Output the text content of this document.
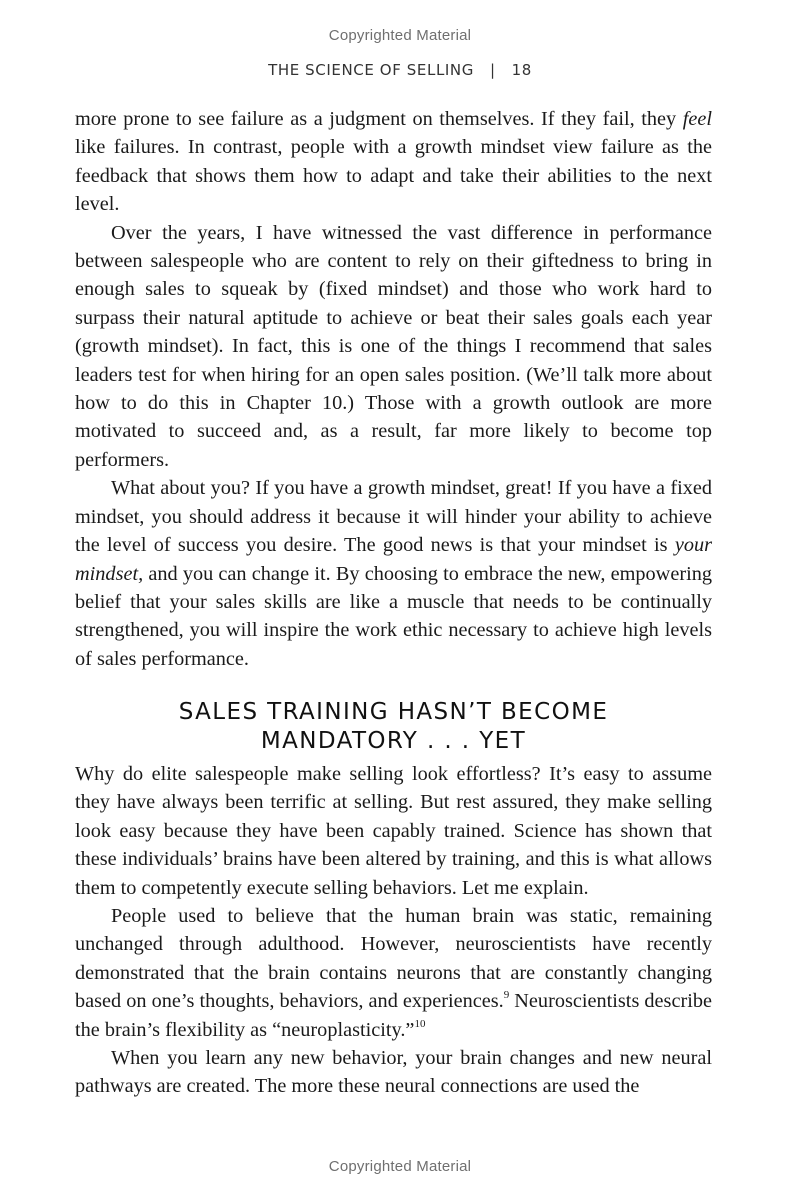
Copyrighted Material
THE SCIENCE OF SELLING | 18

more prone to see failure as a judgment on themselves. If they fail, they feel like failures. In contrast, people with a growth mindset view failure as the feedback that shows them how to adapt and take their abilities to the next level.

Over the years, I have witnessed the vast difference in performance between salespeople who are content to rely on their giftedness to bring in enough sales to squeak by (fixed mindset) and those who work hard to surpass their natural aptitude to achieve or beat their sales goals each year (growth mindset). In fact, this is one of the things I recommend that sales leaders test for when hiring for an open sales position. (We’ll talk more about how to do this in Chapter 10.) Those with a growth outlook are more motivated to succeed and, as a result, far more likely to become top performers.

What about you? If you have a growth mindset, great! If you have a fixed mindset, you should address it because it will hinder your ability to achieve the level of success you desire. The good news is that your mindset is your mindset, and you can change it. By choosing to embrace the new, empowering belief that your sales skills are like a muscle that needs to be continually strengthened, you will inspire the work ethic necessary to achieve high levels of sales performance.

SALES TRAINING HASN’T BECOME
MANDATORY . . . YET

Why do elite salespeople make selling look effortless? It’s easy to assume they have always been terrific at selling. But rest assured, they make selling look easy because they have been capably trained. Science has shown that these individuals’ brains have been altered by training, and this is what allows them to competently execute selling behaviors. Let me explain.

People used to believe that the human brain was static, remaining unchanged through adulthood. However, neuroscientists have recently demonstrated that the brain contains neurons that are constantly changing based on one’s thoughts, behaviors, and experiences.$^9$ Neuroscientists describe the brain’s flexibility as “neuroplasticity.”$^{10}$

When you learn any new behavior, your brain changes and new neural pathways are created. The more these neural connections are used the

Copyrighted Material
